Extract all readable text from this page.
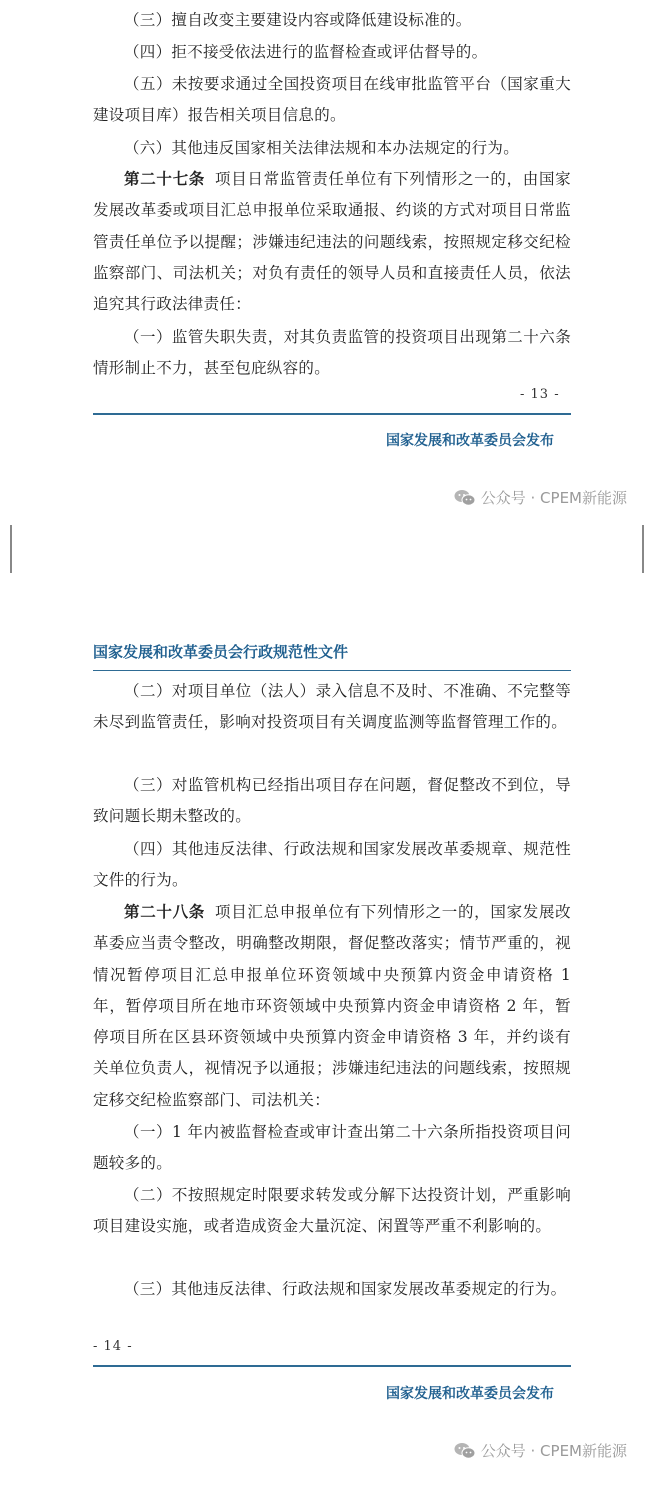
（三）擅自改变主要建设内容或降低建设标准的。

（四）拒不接受依法进行的监督检查或评估督导的。

（五）未按要求通过全国投资项目在线审批监管平台（国家重大建设项目库）报告相关项目信息的。

（六）其他违反国家相关法律法规和本办法规定的行为。

第二十七条 项目日常监管责任单位有下列情形之一的，由国家发展改革委或项目汇总申报单位采取通报、约谈的方式对项目日常监管责任单位予以提醒；涉嫌违纪违法的问题线索，按照规定移交纪检监察部门、司法机关；对负有责任的领导人员和直接责任人员，依法追究其行政法律责任：

（一）监管失职失责，对其负责监管的投资项目出现第二十六条情形制止不力，甚至包庇纵容的。

- 13 -
国家发展和改革委员会发布
公众号 · CPEM新能源
国家发展和改革委员会行政规范性文件

（二）对项目单位（法人）录入信息不及时、不准确、不完整等未尽到监管责任，影响对投资项目有关调度监测等监督管理工作的。

（三）对监管机构已经指出项目存在问题，督促整改不到位，导致问题长期未整改的。

（四）其他违反法律、行政法规和国家发展改革委规章、规范性文件的行为。

第二十八条 项目汇总申报单位有下列情形之一的，国家发展改革委应当责令整改，明确整改期限，督促整改落实；情节严重的，视情况暂停项目汇总申报单位环资领域中央预算内资金申请资格 1 年，暂停项目所在地市环资领域中央预算内资金申请资格 2 年，暂停项目所在区县环资领域中央预算内资金申请资格 3 年，并约谈有关单位负责人，视情况予以通报；涉嫌违纪违法的问题线索，按照规定移交纪检监察部门、司法机关：

（一）1 年内被监督检查或审计查出第二十六条所指投资项目问题较多的。

（二）不按照规定时限要求转发或分解下达投资计划，严重影响项目建设实施，或者造成资金大量沉淀、闲置等严重不利影响的。

（三）其他违反法律、行政法规和国家发展改革委规定的行为。

- 14 -
国家发展和改革委员会发布
公众号 · CPEM新能源
